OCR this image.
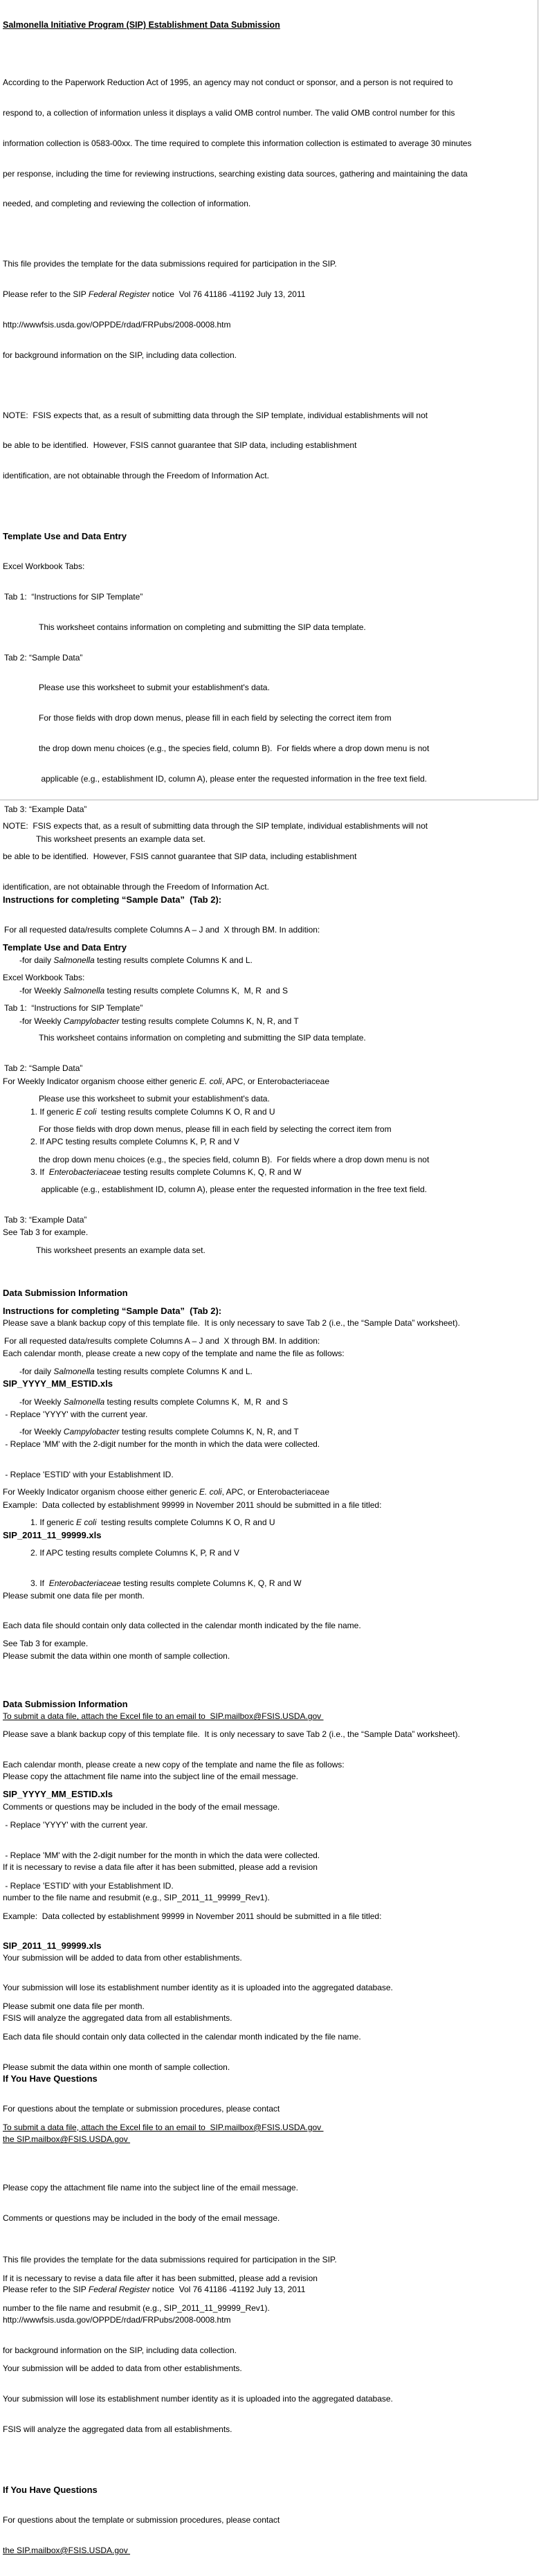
Salmonella Initiative Program (SIP) Establishment Data Submission

According to the Paperwork Reduction Act of 1995, an agency may not conduct or sponsor, and a person is not required to

respond to, a collection of information unless it displays a valid OMB control number. The valid OMB control number for this

information collection is 0583-00xx. The time required to complete this information collection is estimated to average 30 minutes

per response, including the time for reviewing instructions, searching existing data sources, gathering and maintaining the data

needed, and completing and reviewing the collection of information.

This file provides the template for the data submissions required for participation in the SIP.

Please refer to the SIP Federal Register notice  Vol 76 41186 -41192 July 13, 2011

http://wwwfsis.usda.gov/OPPDE/rdad/FRPubs/2008-0008.htm

for background information on the SIP, including data collection.

NOTE:  FSIS expects that, as a result of submitting data through the SIP template, individual establishments will not

be able to be identified.  However, FSIS cannot guarantee that SIP data, including establishment

identification, are not obtainable through the Freedom of Information Act.

Template Use and Data Entry

Excel Workbook Tabs:

Tab 1:  “Instructions for SIP Template”

This worksheet contains information on completing and submitting the SIP data template.

Tab 2: “Sample Data”

Please use this worksheet to submit your establishment's data.

For those fields with drop down menus, please fill in each field by selecting the correct item from

the drop down menu choices (e.g., the species field, column B).  For fields where a drop down menu is not

applicable (e.g., establishment ID, column A), please enter the requested information in the free text field.

Tab 3: “Example Data”

This worksheet presents an example data set.

Instructions for completing “Sample Data”  (Tab 2):

For all requested data/results complete Columns A – J and  X through BM. In addition:

-for daily Salmonella testing results complete Columns K and L.

-for Weekly Salmonella testing results complete Columns K,  M, R  and S

-for Weekly Campylobacter testing results complete Columns K, N, R, and T

For Weekly Indicator organism choose either generic E. coli, APC, or Enterobacteriaceae

1. If generic E coli  testing results complete Columns K O, R and U

2. If APC testing results complete Columns K, P, R and V

3. If  Enterobacteriaceae testing results complete Columns K, Q, R and W

See Tab 3 for example.

Data Submission Information

Please save a blank backup copy of this template file.  It is only necessary to save Tab 2 (i.e., the “Sample Data” worksheet).

Each calendar month, please create a new copy of the template and name the file as follows:

SIP_YYYY_MM_ESTID.xls

- Replace 'YYYY' with the current year.

- Replace 'MM' with the 2-digit number for the month in which the data were collected.

- Replace 'ESTID' with your Establishment ID.

Example:  Data collected by establishment 99999 in November 2011 should be submitted in a file titled:

SIP_2011_11_99999.xls

Please submit one data file per month.

Each data file should contain only data collected in the calendar month indicated by the file name.

Please submit the data within one month of sample collection.

To submit a data file, attach the Excel file to an email to  SIP.mailbox@FSIS.USDA.gov

Please copy the attachment file name into the subject line of the email message.

Comments or questions may be included in the body of the email message.

If it is necessary to revise a data file after it has been submitted, please add a revision

number to the file name and resubmit (e.g., SIP_2011_11_99999_Rev1).

Your submission will be added to data from other establishments.

Your submission will lose its establishment number identity as it is uploaded into the aggregated database.

FSIS will analyze the aggregated data from all establishments.

If You Have Questions

For questions about the template or submission procedures, please contact

the SIP.mailbox@FSIS.USDA.gov

This file provides the template for the data submissions required for participation in the SIP.

Please refer to the SIP Federal Register notice  Vol 76 41186 -41192 July 13, 2011

http://wwwfsis.usda.gov/OPPDE/rdad/FRPubs/2008-0008.htm

for background information on the SIP, including data collection.

NOTE:  FSIS expects that, as a result of submitting data through the SIP template, individual establishments will not

be able to be identified.  However, FSIS cannot guarantee that SIP data, including establishment

identification, are not obtainable through the Freedom of Information Act.

Template Use and Data Entry

Excel Workbook Tabs:

Tab 1:  “Instructions for SIP Template”

This worksheet contains information on completing and submitting the SIP data template.

Tab 2: “Sample Data”

Please use this worksheet to submit your establishment's data.

For those fields with drop down menus, please fill in each field by selecting the correct item from

the drop down menu choices (e.g., the species field, column B).  For fields where a drop down menu is not

applicable (e.g., establishment ID, column A), please enter the requested information in the free text field.

Tab 3: “Example Data”

This worksheet presents an example data set.

Instructions for completing “Sample Data”  (Tab 2):

For all requested data/results complete Columns A – J and  X through BM. In addition:

-for daily Salmonella testing results complete Columns K and L.

-for Weekly Salmonella testing results complete Columns K,  M, R  and S

-for Weekly Campylobacter testing results complete Columns K, N, R, and T

For Weekly Indicator organism choose either generic E. coli, APC, or Enterobacteriaceae

1. If generic E coli  testing results complete Columns K O, R and U

2. If APC testing results complete Columns K, P, R and V

3. If  Enterobacteriaceae testing results complete Columns K, Q, R and W

See Tab 3 for example.

Data Submission Information

Please save a blank backup copy of this template file.  It is only necessary to save Tab 2 (i.e., the “Sample Data” worksheet).

Each calendar month, please create a new copy of the template and name the file as follows:

SIP_YYYY_MM_ESTID.xls

- Replace 'YYYY' with the current year.

- Replace 'MM' with the 2-digit number for the month in which the data were collected.

- Replace 'ESTID' with your Establishment ID.

Example:  Data collected by establishment 99999 in November 2011 should be submitted in a file titled:

SIP_2011_11_99999.xls

Please submit one data file per month.

Each data file should contain only data collected in the calendar month indicated by the file name.

Please submit the data within one month of sample collection.

To submit a data file, attach the Excel file to an email to  SIP.mailbox@FSIS.USDA.gov

Please copy the attachment file name into the subject line of the email message.

Comments or questions may be included in the body of the email message.

If it is necessary to revise a data file after it has been submitted, please add a revision

number to the file name and resubmit (e.g., SIP_2011_11_99999_Rev1).

Your submission will be added to data from other establishments.

Your submission will lose its establishment number identity as it is uploaded into the aggregated database.

FSIS will analyze the aggregated data from all establishments.

If You Have Questions

For questions about the template or submission procedures, please contact

the SIP.mailbox@FSIS.USDA.gov
